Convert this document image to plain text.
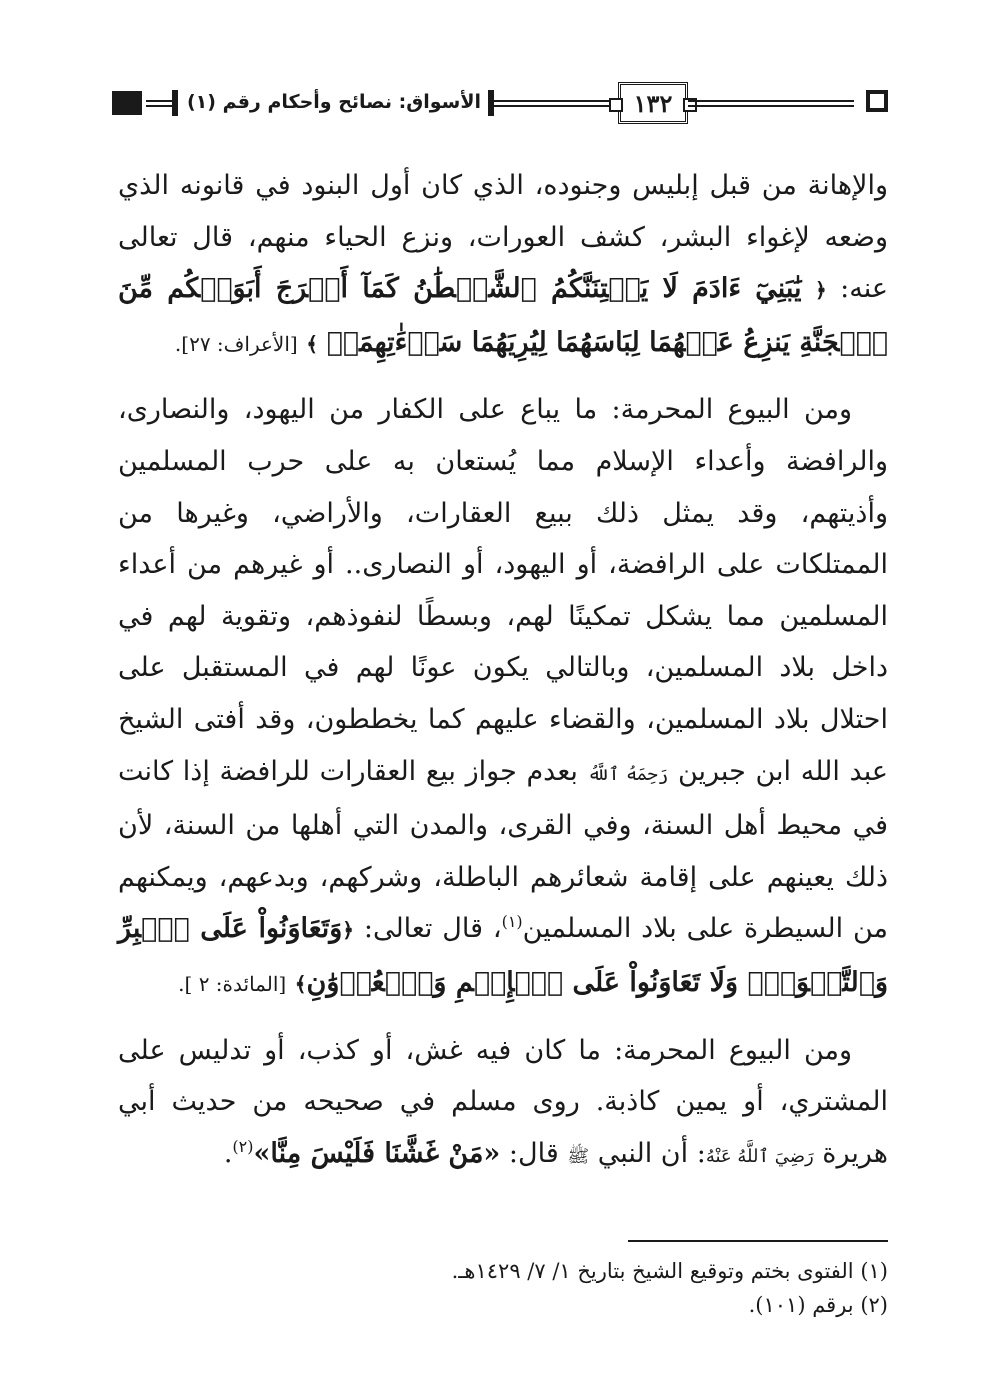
الأسواق: نصائح وأحكام رقم (١)	١٣٢

والإهانة من قبل إبليس وجنوده، الذي كان أول البنود في قانونه الذي وضعه لإغواء البشر، كشف العورات، ونزع الحياء منهم، قال تعالى عنه: ﴿ يَٰبَنِيٓ ءَادَمَ لَا يَفۡتِنَنَّكُمُ ٱلشَّيۡطَٰنُ كَمَآ أَخۡرَجَ أَبَوَيۡكُم مِّنَ ٱلۡجَنَّةِ يَنزِعُ عَنۡهُمَا لِبَاسَهُمَا لِيُرِيَهُمَا سَوۡءَٰتِهِمَآۚ ﴾ [الأعراف: ٢٧].

ومن البيوع المحرمة: ما يباع على الكفار من اليهود، والنصارى، والرافضة وأعداء الإسلام مما يُستعان به على حرب المسلمين وأذيتهم، وقد يمثل ذلك ببيع العقارات، والأراضي، وغيرها من الممتلكات على الرافضة، أو اليهود، أو النصارى.. أو غيرهم من أعداء المسلمين مما يشكل تمكينًا لهم، وبسطًا لنفوذهم، وتقوية لهم في داخل بلاد المسلمين، وبالتالي يكون عونًا لهم في المستقبل على احتلال بلاد المسلمين، والقضاء عليهم كما يخططون، وقد أفتى الشيخ عبد الله ابن جبرين رَحِمَهُ ٱللَّهُ بعدم جواز بيع العقارات للرافضة إذا كانت في محيط أهل السنة، وفي القرى، والمدن التي أهلها من السنة، لأن ذلك يعينهم على إقامة شعائرهم الباطلة، وشركهم، وبدعهم، ويمكنهم من السيطرة على بلاد المسلمين$^{(١)}$، قال تعالى: ﴿وَتَعَاوَنُواْ عَلَى ٱلۡبِرِّ وَٱلتَّقۡوَىٰۖ وَلَا تَعَاوَنُواْ عَلَى ٱلۡإِثۡمِ وَٱلۡعُدۡوَٰنِ﴾ [المائدة: ٢ ].

ومن البيوع المحرمة: ما كان فيه غش، أو كذب، أو تدليس على المشتري، أو يمين كاذبة. روى مسلم في صحيحه من حديث أبي هريرة رَضِيَ ٱللَّهُ عَنْهُ: أن النبي ﷺ قال: «مَنْ غَشَّنَا فَلَيْسَ مِنَّا»$^{(٢)}$.

(١) الفتوى بختم وتوقيع الشيخ بتاريخ ١/ ٧/ ١٤٢٩هـ.
(٢) برقم (١٠١).
